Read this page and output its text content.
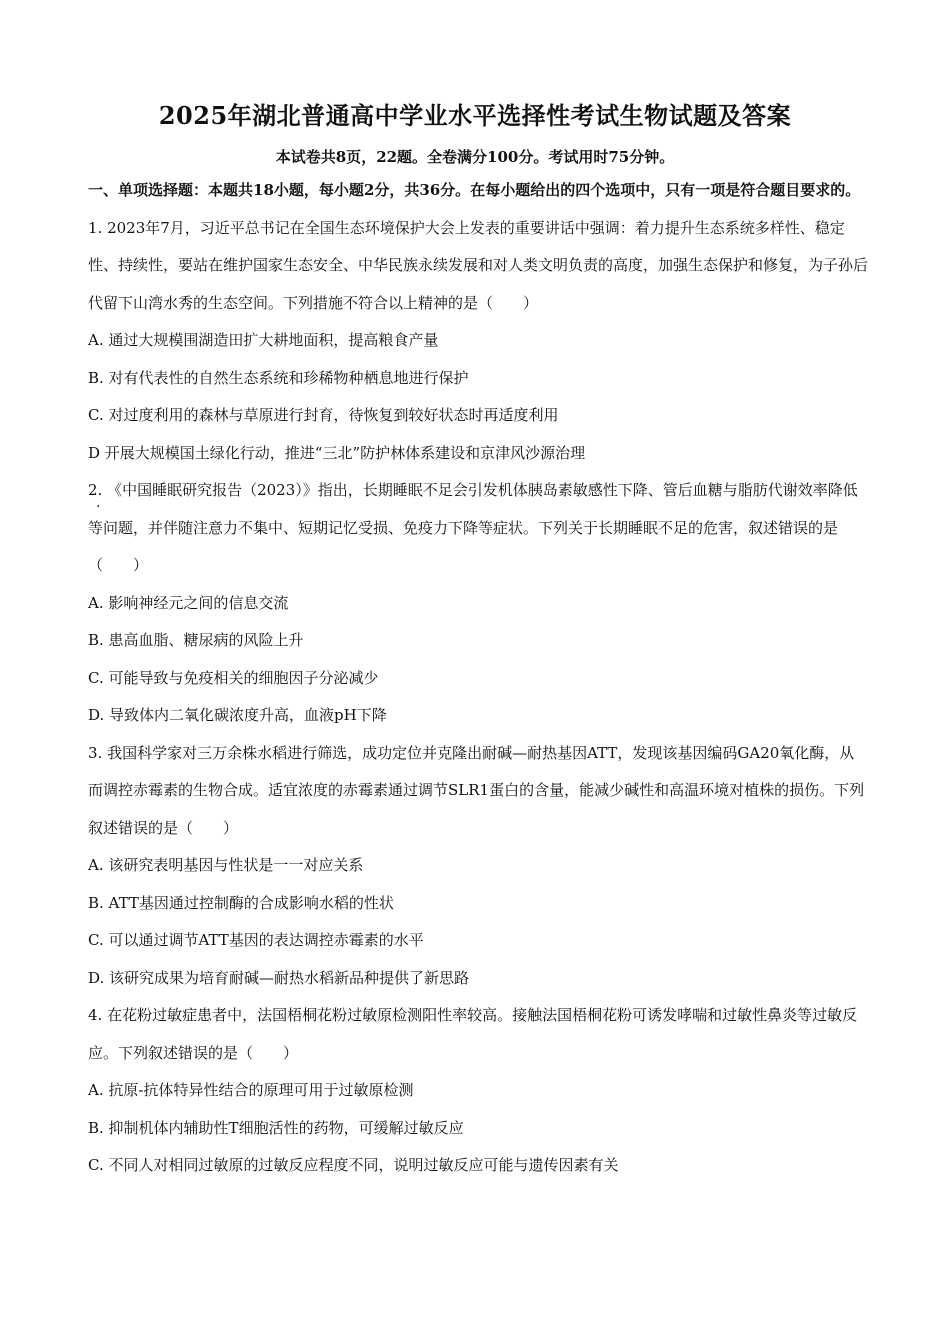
2025年湖北普通高中学业水平选择性考试生物试题及答案
本试卷共8页，22题。全卷满分100分。考试用时75分钟。

一、单项选择题：本题共18小题，每小题2分，共36分。在每小题给出的四个选项中，只有一项是符合题目要求的。

1. 2023年7月，习近平总书记在全国生态环境保护大会上发表的重要讲话中强调：着力提升生态系统多样性、稳定性、持续性，要站在维护国家生态安全、中华民族永续发展和对人类文明负责的高度，加强生态保护和修复，为子孙后代留下山湾水秀的生态空间。下列措施不符合以上精神的是（　　）

A. 通过大规模围湖造田扩大耕地面积，提高粮食产量

B. 对有代表性的自然生态系统和珍稀物种栖息地进行保护

C. 对过度利用的森林与草原进行封育，待恢复到较好状态时再适度利用

D 开展大规模国土绿化行动，推进“三北”防护林体系建设和京津风沙源治理

2. 《中国睡眠研究报告（2023）》指出，长期睡眠不足会引发机体胰岛素敏感性下降、管后血糖与脂肪代谢效率降低等问题，并伴随注意力不集中、短期记忆受损、免疫力下降等症状。下列关于长期睡眠不足的危害，叙述错误的是（　　）

A. 影响神经元之间的信息交流

B. 患高血脂、糖尿病的风险上升

C. 可能导致与免疫相关的细胞因子分泌减少

D. 导致体内二氧化碳浓度升高，血液pH下降

3. 我国科学家对三万余株水稻进行筛选，成功定位并克隆出耐碱—耐热基因ATT，发现该基因编码GA20氧化酶，从而调控赤霉素的生物合成。适宜浓度的赤霉素通过调节SLR1蛋白的含量，能减少碱性和高温环境对植株的损伤。下列叙述错误的是（　　）

A. 该研究表明基因与性状是一一对应关系

B. ATT基因通过控制酶的合成影响水稻的性状

C. 可以通过调节ATT基因的表达调控赤霉素的水平

D. 该研究成果为培育耐碱—耐热水稻新品种提供了新思路

4. 在花粉过敏症患者中，法国梧桐花粉过敏原检测阳性率较高。接触法国梧桐花粉可诱发哮喘和过敏性鼻炎等过敏反应。下列叙述错误的是（　　）

A. 抗原-抗体特异性结合的原理可用于过敏原检测

B. 抑制机体内辅助性T细胞活性的药物，可缓解过敏反应

C. 不同人对相同过敏原的过敏反应程度不同，说明过敏反应可能与遗传因素有关

·
